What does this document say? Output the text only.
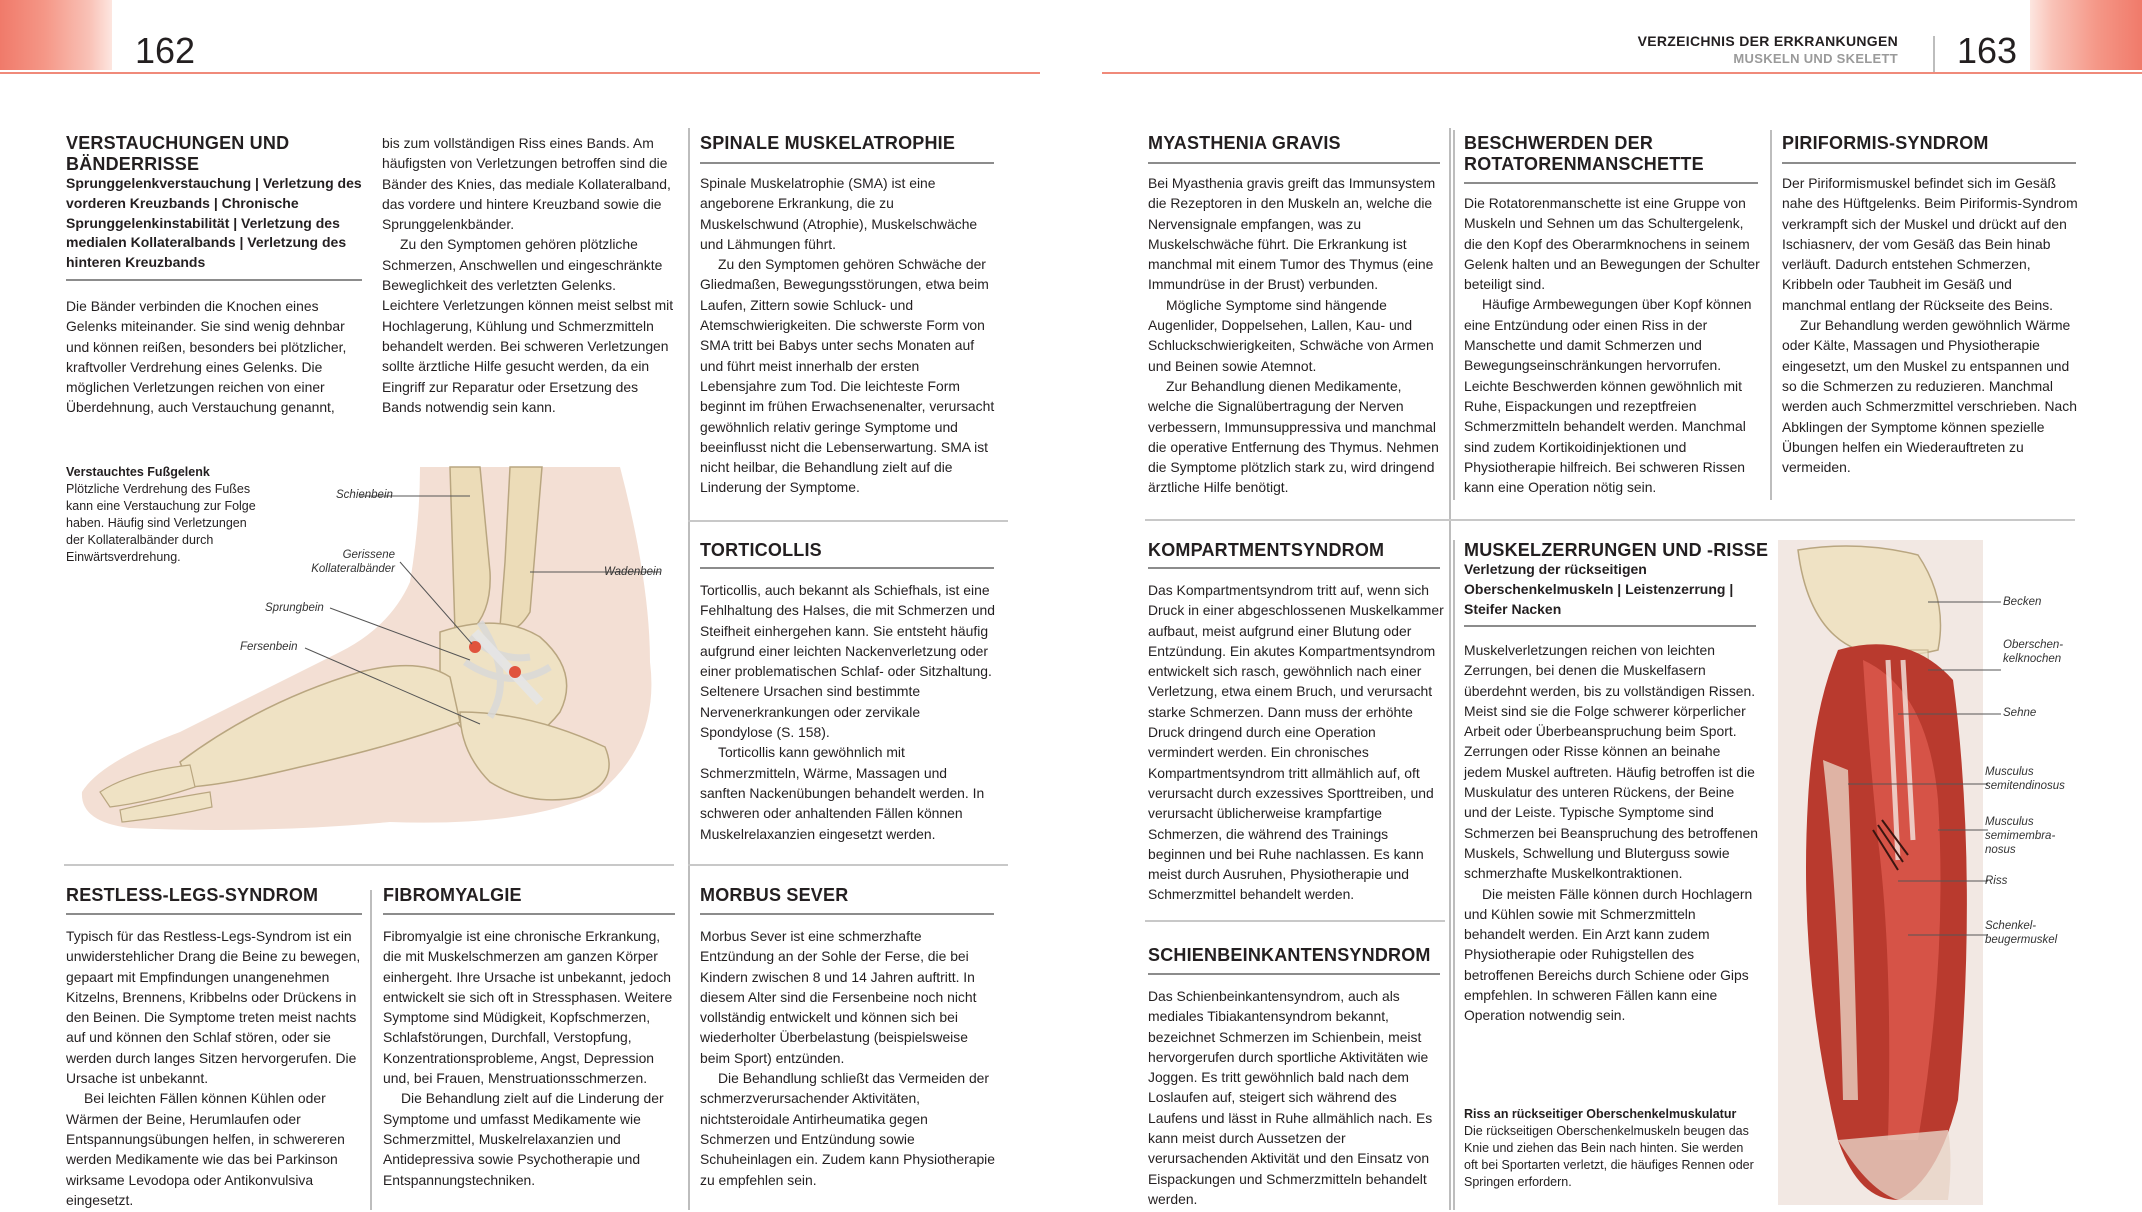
162	163
VERZEICHNIS DER ERKRANKUNGEN
MUSKELN UND SKELETT
VERSTAUCHUNGEN UND
BÄNDERRISSE
Sprunggelenkverstauchung | Verletzung des vorderen Kreuzbands | Chronische Sprunggelenkinstabilität | Verletzung des medialen Kollateralbands | Verletzung des hinteren Kreuzbands

Die Bänder verbinden die Knochen eines Gelenks miteinander. Sie sind wenig dehnbar und können reißen, besonders bei plötzlicher, kraftvoller Verdrehung eines Gelenks. Die möglichen Verletzungen reichen von einer Überdehnung, auch Verstauchung genannt,

bis zum vollständigen Riss eines Bands. Am häufigsten von Verletzungen betroffen sind die Bänder des Knies, das mediale Kollateralband, das vordere und hintere Kreuzband sowie die Sprunggelenkbänder.

Zu den Symptomen gehören plötzliche Schmerzen, Anschwellen und eingeschränkte Beweglichkeit des verletzten Gelenks. Leichtere Verletzungen können meist selbst mit Hochlagerung, Kühlung und Schmerzmitteln behandelt werden. Bei schweren Verletzungen sollte ärztliche Hilfe gesucht werden, da ein Eingriff zur Reparatur oder Ersetzung des Bands notwendig sein kann.

Verstauchtes Fußgelenk
Plötzliche Verdrehung des Fußes kann eine Verstauchung zur Folge haben. Häufig sind Verletzungen der Kollateralbänder durch Einwärtsverdrehung.
Schienbein
Gerissene
Kollateralbänder
Sprungbein
Fersenbein
Wadenbein
SPINALE MUSKELATROPHIE

Spinale Muskelatrophie (SMA) ist eine angeborene Erkrankung, die zu Muskelschwund (Atrophie), Muskelschwäche und Lähmungen führt.

Zu den Symptomen gehören Schwäche der Gliedmaßen, Bewegungsstörungen, etwa beim Laufen, Zittern sowie Schluck- und Atemschwierigkeiten. Die schwerste Form von SMA tritt bei Babys unter sechs Monaten auf und führt meist innerhalb der ersten Lebensjahre zum Tod. Die leichteste Form beginnt im frühen Erwachsenenalter, verursacht gewöhnlich relativ geringe Symptome und beeinflusst nicht die Lebenserwartung. SMA ist nicht heilbar, die Behandlung zielt auf die Linderung der Symptome.

TORTICOLLIS

Torticollis, auch bekannt als Schiefhals, ist eine Fehlhaltung des Halses, die mit Schmerzen und Steifheit einhergehen kann. Sie entsteht häufig aufgrund einer leichten Nackenverletzung oder einer problematischen Schlaf- oder Sitzhaltung. Seltenere Ursachen sind bestimmte Nervenerkrankungen oder zervikale Spondylose (S. 158).

Torticollis kann gewöhnlich mit Schmerzmitteln, Wärme, Massagen und sanften Nackenübungen behandelt werden. In schweren oder anhaltenden Fällen können Muskelrelaxanzien eingesetzt werden.

RESTLESS-LEGS-SYNDROM

Typisch für das Restless-Legs-Syndrom ist ein unwiderstehlicher Drang die Beine zu bewegen, gepaart mit Empfindungen unangenehmen Kitzelns, Brennens, Kribbelns oder Drückens in den Beinen. Die Symptome treten meist nachts auf und können den Schlaf stören, oder sie werden durch langes Sitzen hervorgerufen. Die Ursache ist unbekannt.

Bei leichten Fällen können Kühlen oder Wärmen der Beine, Herumlaufen oder Entspannungsübungen helfen, in schwereren werden Medikamente wie das bei Parkinson wirksame Levodopa oder Antikonvulsiva eingesetzt.

FIBROMYALGIE

Fibromyalgie ist eine chronische Erkrankung, die mit Muskelschmerzen am ganzen Körper einhergeht. Ihre Ursache ist unbekannt, jedoch entwickelt sie sich oft in Stressphasen. Weitere Symptome sind Müdigkeit, Kopfschmerzen, Schlafstörungen, Durchfall, Verstopfung, Konzentrationsprobleme, Angst, Depression und, bei Frauen, Menstruationsschmerzen.

Die Behandlung zielt auf die Linderung der Symptome und umfasst Medikamente wie Schmerzmittel, Muskelrelaxanzien und Antidepressiva sowie Psychotherapie und Entspannungstechniken.

MORBUS SEVER

Morbus Sever ist eine schmerzhafte Entzündung an der Sohle der Ferse, die bei Kindern zwischen 8 und 14 Jahren auftritt. In diesem Alter sind die Fersenbeine noch nicht vollständig entwickelt und können sich bei wiederholter Überbelastung (beispielsweise beim Sport) entzünden.

Die Behandlung schließt das Vermeiden der schmerzverursachender Aktivitäten, nichtsteroidale Antirheumatika gegen Schmerzen und Entzündung sowie Schuheinlagen ein. Zudem kann Physiotherapie zu empfehlen sein.

MYASTHENIA GRAVIS

Bei Myasthenia gravis greift das Immunsystem die Rezeptoren in den Muskeln an, welche die Nervensignale empfangen, was zu Muskelschwäche führt. Die Erkrankung ist manchmal mit einem Tumor des Thymus (eine Immundrüse in der Brust) verbunden.

Mögliche Symptome sind hängende Augenlider, Doppelsehen, Lallen, Kau- und Schluckschwierigkeiten, Schwäche von Armen und Beinen sowie Atemnot.

Zur Behandlung dienen Medikamente, welche die Signalübertragung der Nerven verbessern, Immunsuppressiva und manchmal die operative Entfernung des Thymus. Nehmen die Symptome plötzlich stark zu, wird dringend ärztliche Hilfe benötigt.

BESCHWERDEN DER
ROTATORENMANSCHETTE

Die Rotatorenmanschette ist eine Gruppe von Muskeln und Sehnen um das Schultergelenk, die den Kopf des Oberarmknochens in seinem Gelenk halten und an Bewegungen der Schulter beteiligt sind.

Häufige Armbewegungen über Kopf können eine Entzündung oder einen Riss in der Manschette und damit Schmerzen und Bewegungseinschränkungen hervorrufen. Leichte Beschwerden können gewöhnlich mit Ruhe, Eispackungen und rezeptfreien Schmerzmitteln behandelt werden. Manchmal sind zudem Kortikoidinjektionen und Physiotherapie hilfreich. Bei schweren Rissen kann eine Operation nötig sein.

PIRIFORMIS-SYNDROM

Der Piriformismuskel befindet sich im Gesäß nahe des Hüftgelenks. Beim Piriformis-Syndrom verkrampft sich der Muskel und drückt auf den Ischiasnerv, der vom Gesäß das Bein hinab verläuft. Dadurch entstehen Schmerzen, Kribbeln oder Taubheit im Gesäß und manchmal entlang der Rückseite des Beins.

Zur Behandlung werden gewöhnlich Wärme oder Kälte, Massagen und Physiotherapie eingesetzt, um den Muskel zu entspannen und so die Schmerzen zu reduzieren. Manchmal werden auch Schmerzmittel verschrieben. Nach Abklingen der Symptome können spezielle Übungen helfen ein Wiederauftreten zu vermeiden.

KOMPARTMENTSYNDROM

Das Kompartmentsyndrom tritt auf, wenn sich Druck in einer abgeschlossenen Muskelkammer aufbaut, meist aufgrund einer Blutung oder Entzündung. Ein akutes Kompartmentsyndrom entwickelt sich rasch, gewöhnlich nach einer Verletzung, etwa einem Bruch, und verursacht starke Schmerzen. Dann muss der erhöhte Druck dringend durch eine Operation vermindert werden. Ein chronisches Kompartmentsyndrom tritt allmählich auf, oft verursacht durch exzessives Sporttreiben, und verursacht üblicherweise krampfartige Schmerzen, die während des Trainings beginnen und bei Ruhe nachlassen. Es kann meist durch Ausruhen, Physiotherapie und Schmerzmittel behandelt werden.

SCHIENBEINKANTENSYNDROM

Das Schienbeinkantensyndrom, auch als mediales Tibiakantensyndrom bekannt, bezeichnet Schmerzen im Schienbein, meist hervorgerufen durch sportliche Aktivitäten wie Joggen. Es tritt gewöhnlich bald nach dem Loslaufen auf, steigert sich während des Laufens und lässt in Ruhe allmählich nach. Es kann meist durch Aussetzen der verursachenden Aktivität und den Einsatz von Eispackungen und Schmerzmitteln behandelt werden.

MUSKELZERRUNGEN UND -RISSE
Verletzung der rückseitigen Oberschenkelmuskeln | Leistenzerrung | Steifer Nacken

Muskelverletzungen reichen von leichten Zerrungen, bei denen die Muskelfasern überdehnt werden, bis zu vollständigen Rissen. Meist sind sie die Folge schwerer körperlicher Arbeit oder Überbeanspruchung beim Sport. Zerrungen oder Risse können an beinahe jedem Muskel auftreten. Häufig betroffen ist die Muskulatur des unteren Rückens, der Beine und der Leiste. Typische Symptome sind Schmerzen bei Beanspruchung des betroffenen Muskels, Schwellung und Bluterguss sowie schmerzhafte Muskelkontraktionen.

Die meisten Fälle können durch Hochlagern und Kühlen sowie mit Schmerzmitteln behandelt werden. Ein Arzt kann zudem Physiotherapie oder Ruhigstellen des betroffenen Bereichs durch Schiene oder Gips empfehlen. In schweren Fällen kann eine Operation notwendig sein.

Riss an rückseitiger Oberschenkelmuskulatur
Die rückseitigen Oberschenkelmuskeln beugen das Knie und ziehen das Bein nach hinten. Sie werden oft bei Sportarten verletzt, die häufiges Rennen oder Springen erfordern.
Becken
Oberschen-
kelknochen
Sehne
Musculus
semitendinosus
Musculus
semimembra-
nosus
Riss
Schenkel-
beugermuskel
